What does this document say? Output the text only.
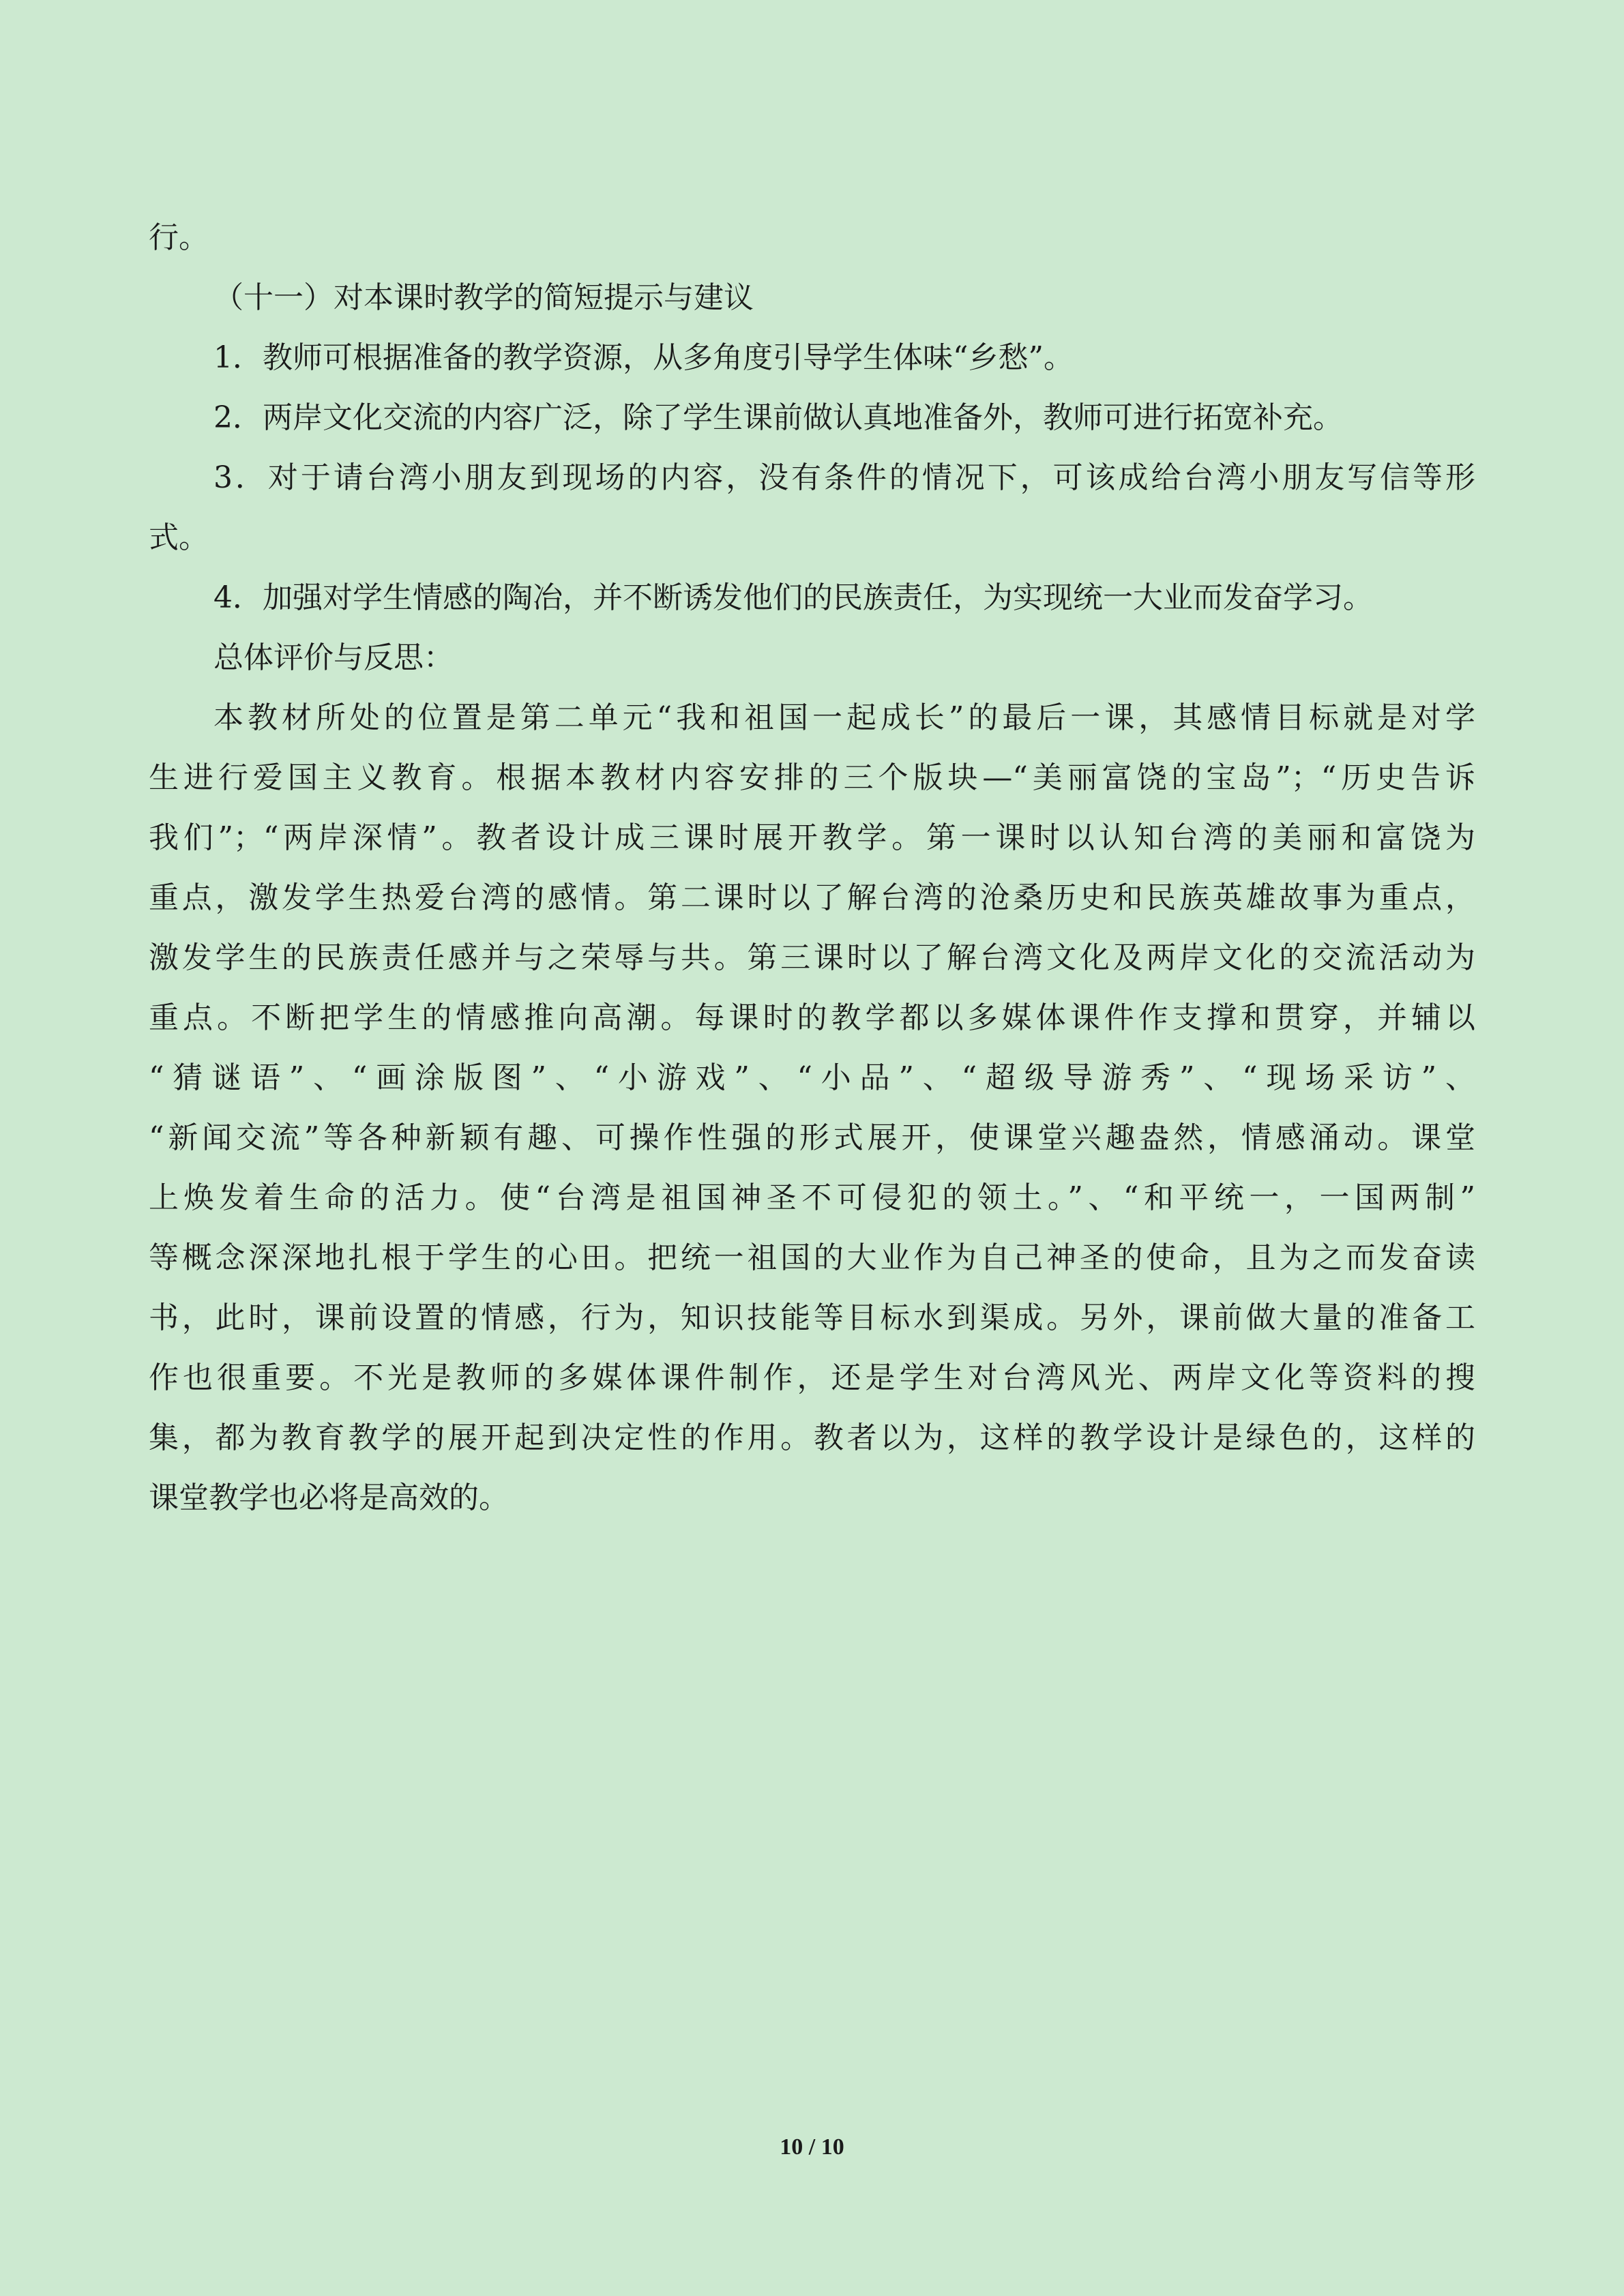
行。

（十一）对本课时教学的简短提示与建议

1．教师可根据准备的教学资源，从多角度引导学生体味“乡愁”。

2．两岸文化交流的内容广泛，除了学生课前做认真地准备外，教师可进行拓宽补充。

3．对于请台湾小朋友到现场的内容，没有条件的情况下，可该成给台湾小朋友写信等形

式。

4．加强对学生情感的陶冶，并不断诱发他们的民族责任，为实现统一大业而发奋学习。

总体评价与反思：

本教材所处的位置是第二单元“我和祖国一起成长”的最后一课，其感情目标就是对学

生进行爱国主义教育。根据本教材内容安排的三个版块—“美丽富饶的宝岛”；“历史告诉

我们”；“两岸深情”。教者设计成三课时展开教学。第一课时以认知台湾的美丽和富饶为

重点，激发学生热爱台湾的感情。第二课时以了解台湾的沧桑历史和民族英雄故事为重点，

激发学生的民族责任感并与之荣辱与共。第三课时以了解台湾文化及两岸文化的交流活动为

重点。不断把学生的情感推向高潮。每课时的教学都以多媒体课件作支撑和贯穿，并辅以

“猜谜语”、“画涂版图”、“小游戏”、“小品”、“超级导游秀”、“现场采访”、

“新闻交流”等各种新颖有趣、可操作性强的形式展开，使课堂兴趣盎然，情感涌动。课堂

上焕发着生命的活力。使“台湾是祖国神圣不可侵犯的领土。”、“和平统一，一国两制”

等概念深深地扎根于学生的心田。把统一祖国的大业作为自己神圣的使命，且为之而发奋读

书，此时，课前设置的情感，行为，知识技能等目标水到渠成。另外，课前做大量的准备工

作也很重要。不光是教师的多媒体课件制作，还是学生对台湾风光、两岸文化等资料的搜

集，都为教育教学的展开起到决定性的作用。教者以为，这样的教学设计是绿色的，这样的

课堂教学也必将是高效的。

10 / 10
